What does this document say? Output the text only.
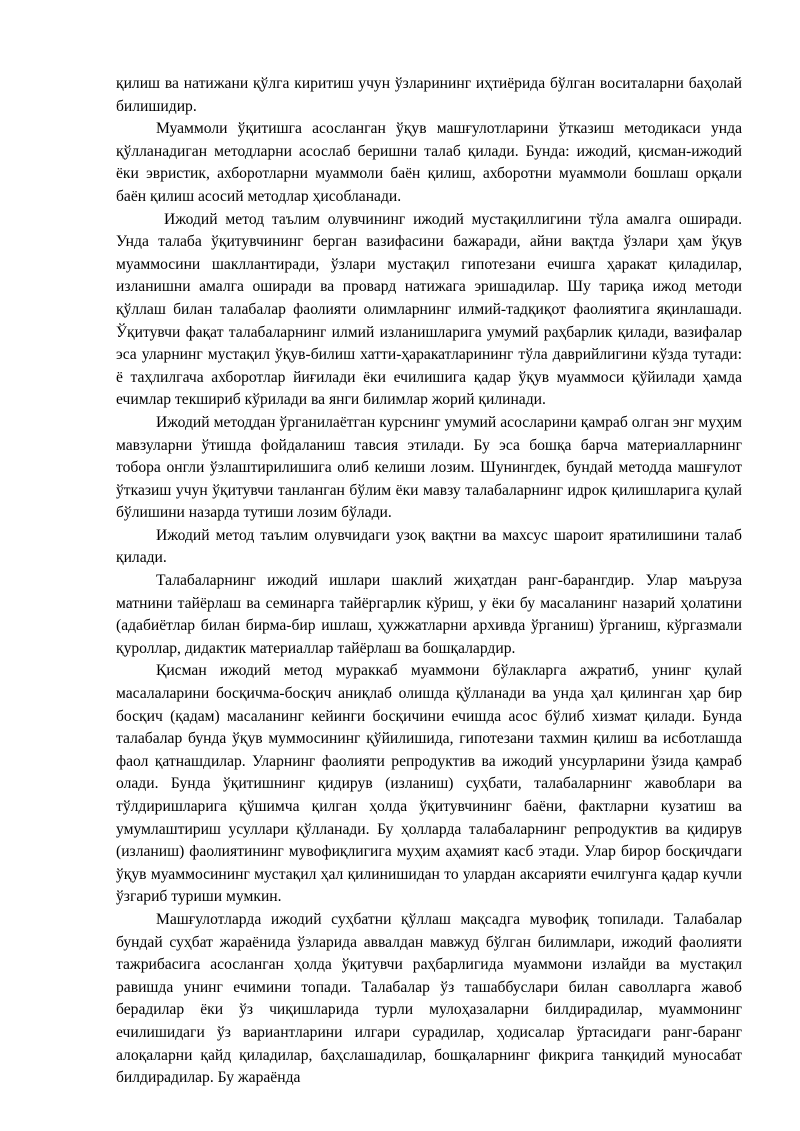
қилиш ва натижани қўлга киритиш учун ўзларининг иҳтиёрида бўлган воситаларни баҳолай билишидир.

Муаммоли ўқитишга асосланган ўқув машғулотларини ўтказиш методикаси унда қўлланадиган методларни асослаб беришни талаб қилади. Бунда: ижодий, қисман-ижодий ёки эвристик, ахборотларни муаммоли баён қилиш, ахборотни муаммоли бошлаш орқали баён қилиш асосий методлар ҳисобланади.

Ижодий метод таълим олувчининг ижодий мустақиллигини тўла амалга оширади. Унда талаба ўқитувчининг берган вазифасини бажаради, айни вақтда ўзлари ҳам ўқув муаммосини шакллантиради, ўзлари мустақил гипотезани ечишга ҳаракат қиладилар, изланишни амалга оширади ва провард натижага эришадилар. Шу тариқа ижод методи қўллаш билан талабалар фаолияти олимларнинг илмий-тадқиқот фаолиятига яқинлашади. Ўқитувчи фақат талабаларнинг илмий изланишларига умумий раҳбарлик қилади, вазифалар эса уларнинг мустақил ўқув-билиш хатти-ҳаракатларининг тўла даврийлигини кўзда тутади: ё таҳлилгача ахборотлар йиғилади ёки ечилишига қадар ўқув муаммоси қўйилади ҳамда ечимлар текшириб кўрилади ва янги билимлар жорий қилинади.

Ижодий методдан ўрганилаётган курснинг умумий асосларини қамраб олган энг муҳим мавзуларни ўтишда фойдаланиш тавсия этилади. Бу эса бошқа барча материалларнинг тобора онгли ўзлаштирилишига олиб келиши лозим. Шунингдек, бундай методда машғулот ўтказиш учун ўқитувчи танланган бўлим ёки мавзу талабаларнинг идрок қилишларига қулай бўлишини назарда тутиши лозим бўлади.

Ижодий метод таълим олувчидаги узоқ вақтни ва махсус шароит яратилишини талаб қилади.

Талабаларнинг ижодий ишлари шаклий жиҳатдан ранг-барангдир. Улар маъруза матнини тайёрлаш ва семинарга тайёргарлик кўриш, у ёки бу масаланинг назарий ҳолатини (адабиётлар билан бирма-бир ишлаш, ҳужжатларни архивда ўрганиш) ўрганиш, кўргазмали қуроллар, дидактик материаллар тайёрлаш ва бошқалардир.

Қисман ижодий метод мураккаб муаммони бўлакларга ажратиб, унинг қулай масалаларини босқичма-босқич аниқлаб олишда қўлланади ва унда ҳал қилинган ҳар бир босқич (қадам) масаланинг кейинги босқичини ечишда асос бўлиб хизмат қилади. Бунда талабалар бунда ўқув муммосининг қўйилишида, гипотезани тахмин қилиш ва исботлашда фаол қатнашдилар. Уларнинг фаолияти репродуктив ва ижодий унсурларини ўзида қамраб олади. Бунда ўқитишнинг қидирув (изланиш) суҳбати, талабаларнинг жавоблари ва тўлдиришларига қўшимча қилган ҳолда ўқитувчининг баёни, фактларни кузатиш ва умумлаштириш усуллари қўлланади. Бу ҳолларда талабаларнинг репродуктив ва қидирув (изланиш) фаолиятининг мувофиқлигига муҳим аҳамият касб этади. Улар бирор босқичдаги ўқув муаммосининг мустақил ҳал қилинишидан то улардан аксарияти ечилгунга қадар кучли ўзгариб туриши мумкин.

Машғулотларда ижодий суҳбатни қўллаш мақсадга мувофиқ топилади. Талабалар бундай суҳбат жараёнида ўзларида аввалдан мавжуд бўлган билимлари, ижодий фаолияти тажрибасига асосланган ҳолда ўқитувчи раҳбарлигида муаммони излайди ва мустақил равишда унинг ечимини топади. Талабалар ўз ташаббуслари билан саволларга жавоб берадилар ёки ўз чиқишларида турли мулоҳазаларни билдирадилар, муаммонинг ечилишидаги ўз вариантларини илгари сурадилар, ҳодисалар ўртасидаги ранг-баранг алоқаларни қайд қиладилар, баҳслашадилар, бошқаларнинг фикрига танқидий муносабат билдирадилар. Бу жараёнда
